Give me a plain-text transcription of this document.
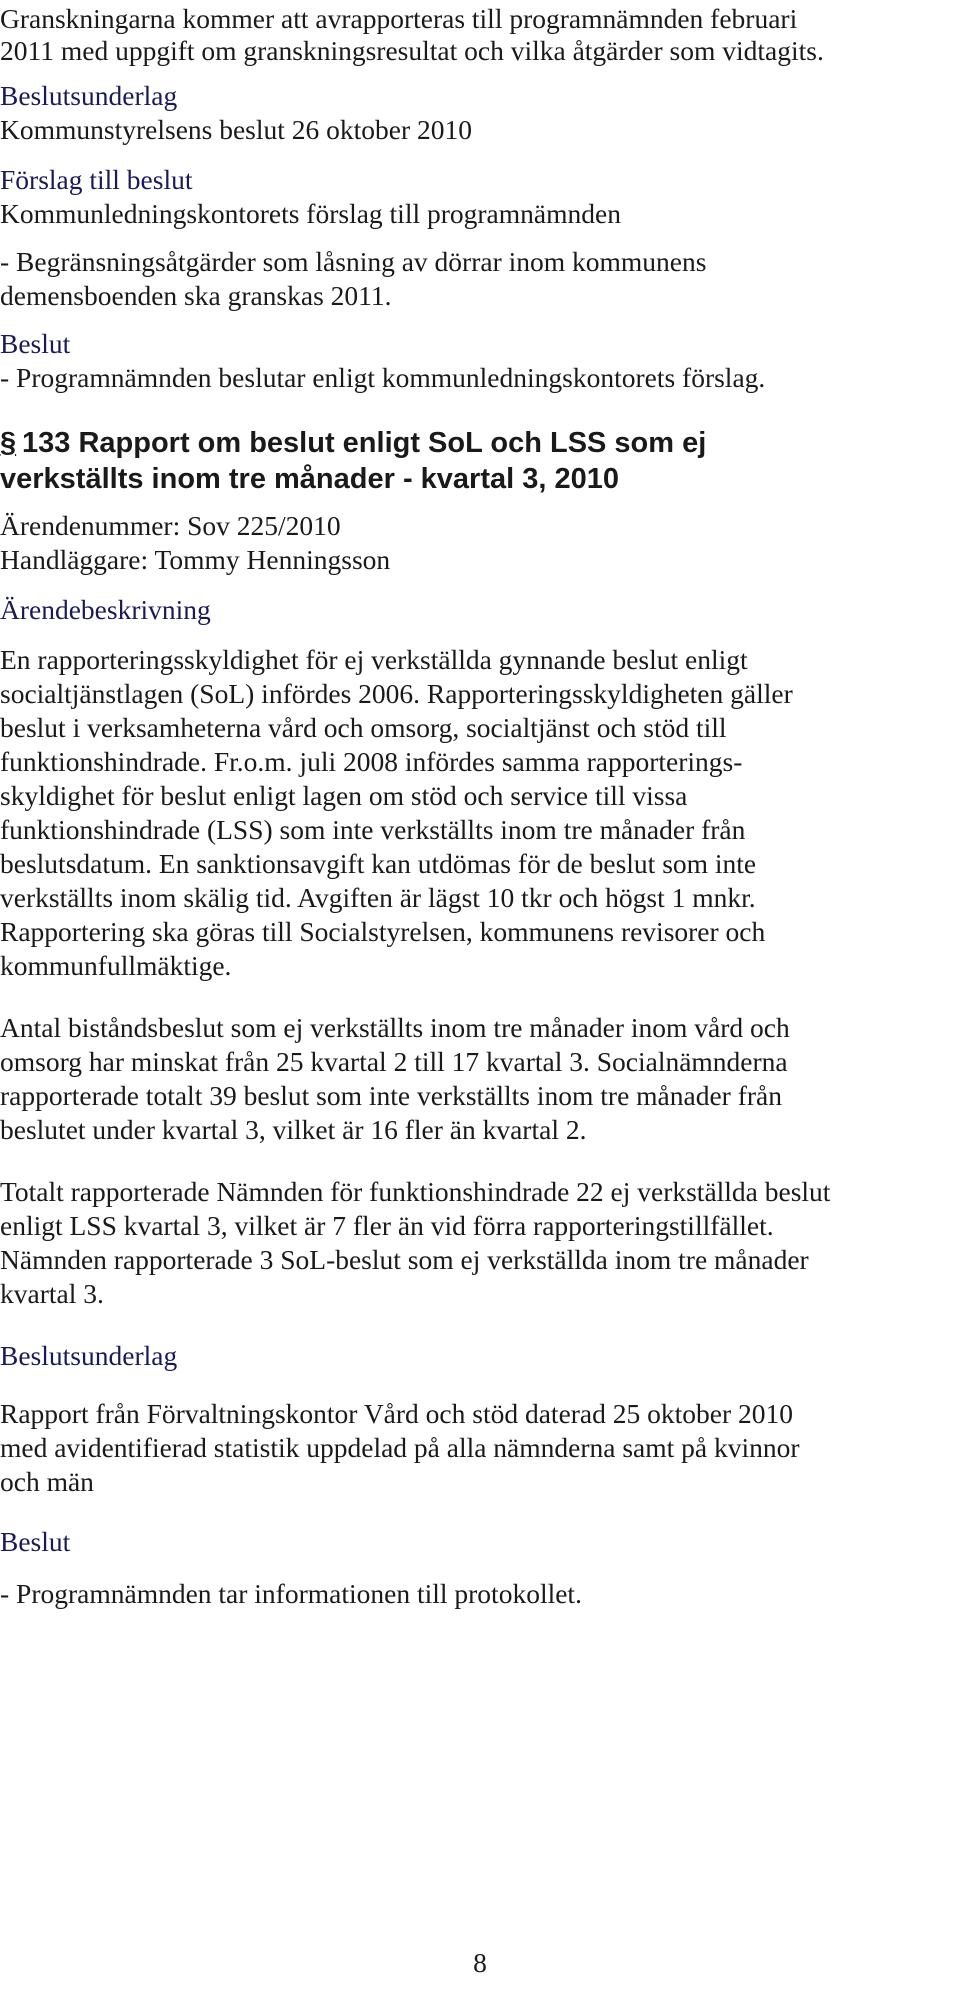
Granskningarna kommer att avrapporteras till programnämnden februari
2011 med uppgift om granskningsresultat och vilka åtgärder som vidtagits.
Beslutsunderlag
Kommunstyrelsens beslut 26 oktober 2010
Förslag till beslut
Kommunledningskontorets förslag till programnämnden
- Begränsningsåtgärder som låsning av dörrar inom kommunens
demensboenden ska granskas 2011.
Beslut
- Programnämnden beslutar enligt kommunledningskontorets förslag.
§ 133 Rapport om beslut enligt SoL och LSS som ej
verkställts inom tre månader - kvartal 3, 2010
Ärendenummer: Sov 225/2010
Handläggare: Tommy Henningsson
Ärendebeskrivning
En rapporteringsskyldighet för ej verkställda gynnande beslut enligt
socialtjänstlagen (SoL) infördes 2006. Rapporteringsskyldigheten gäller
beslut i verksamheterna vård och omsorg, socialtjänst och stöd till
funktionshindrade. Fr.o.m. juli 2008 infördes samma rapporterings-
skyldighet för beslut enligt lagen om stöd och service till vissa
funktionshindrade (LSS) som inte verkställts inom tre månader från
beslutsdatum. En sanktionsavgift kan utdömas för de beslut som inte
verkställts inom skälig tid. Avgiften är lägst 10 tkr och högst 1 mnkr.
Rapportering ska göras till Socialstyrelsen, kommunens revisorer och
kommunfullmäktige.
Antal biståndsbeslut som ej verkställts inom tre månader inom vård och
omsorg har minskat från 25 kvartal 2 till 17 kvartal 3. Socialnämnderna
rapporterade totalt 39 beslut som inte verkställts inom tre månader från
beslutet under kvartal 3, vilket är 16 fler än kvartal 2.
Totalt rapporterade Nämnden för funktionshindrade 22 ej verkställda beslut
enligt LSS kvartal 3, vilket är 7 fler än vid förra rapporteringstillfället.
Nämnden rapporterade 3 SoL-beslut som ej verkställda inom tre månader
kvartal 3.
Beslutsunderlag
Rapport från Förvaltningskontor Vård och stöd daterad 25 oktober 2010
med avidentifierad statistik uppdelad på alla nämnderna samt på kvinnor
och män
Beslut
- Programnämnden tar informationen till protokollet.
8
